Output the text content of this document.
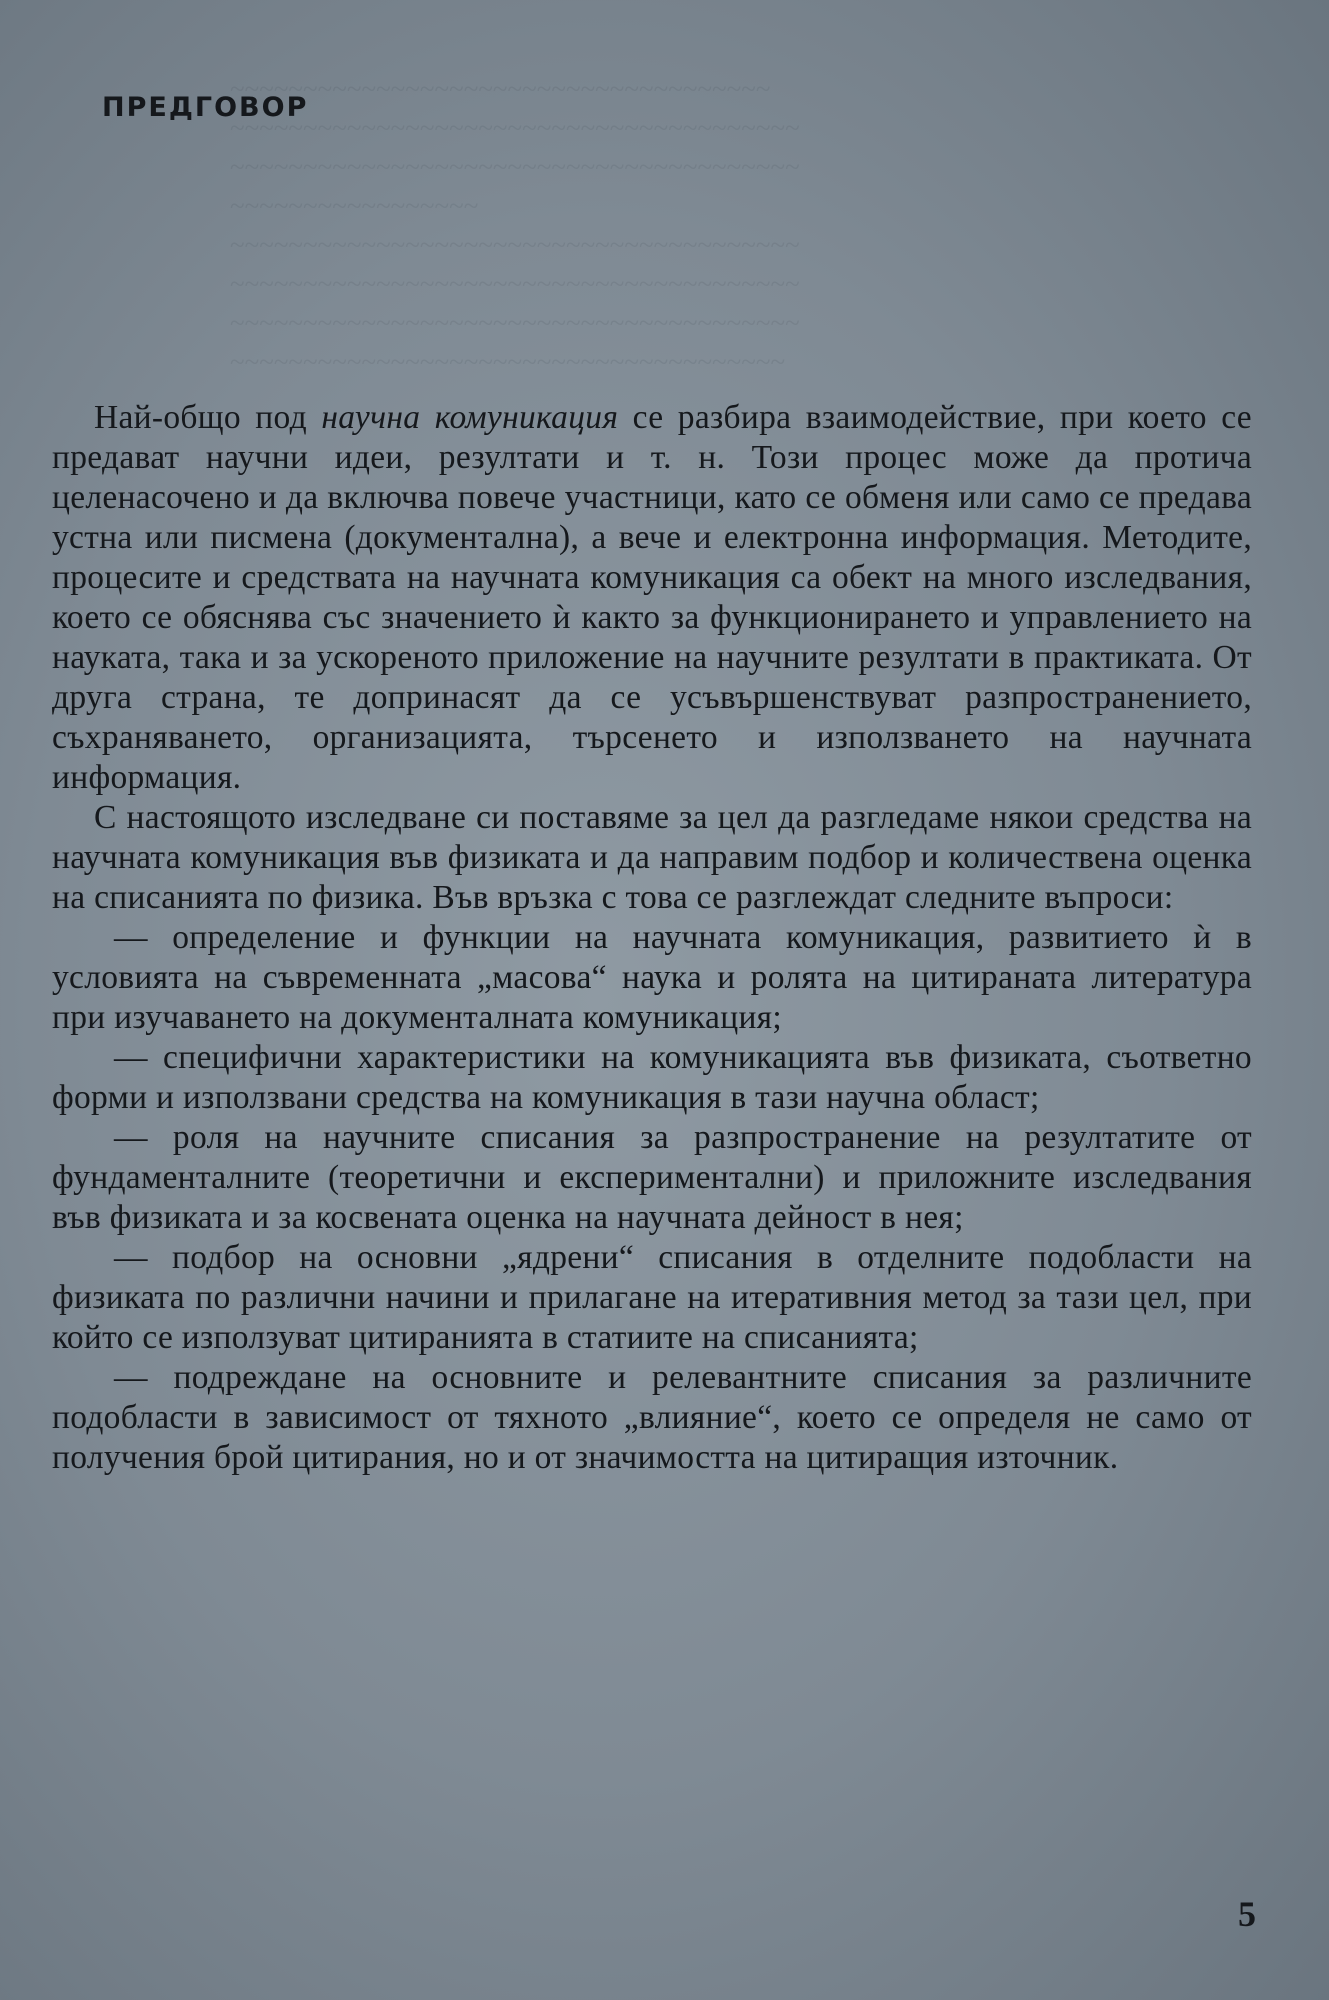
~~~~~~~~~~~~~~~~~~~~~~~~~~~~~~~~~~~~~
~~~~~~~~~~~~~~~~~~~~~~~~~~~~~~~~~~~~~~~
~~~~~~~~~~~~~~~~~~~~~~~~~~~~~~~~~~~~~~~
~~~~~~~~~~~~~~~~~
~~~~~~~~~~~~~~~~~~~~~~~~~~~~~~~~~~~~~~~
~~~~~~~~~~~~~~~~~~~~~~~~~~~~~~~~~~~~~~~
~~~~~~~~~~~~~~~~~~~~~~~~~~~~~~~~~~~~~~~
~~~~~~~~~~~~~~~~~~~~~~~~~~~~~~~~~~~~~~
ПРЕДГОВОР

Най-общо под научна комуникация се разбира взаимодействие, при което се предават научни идеи, резултати и т. н. Този процес може да протича целенасочено и да включва повече участници, като се обменя или само се предава устна или писмена (документална), а вече и електронна информация. Методите, процесите и средствата на научната комуникация са обект на много изследвания, което се обяснява със значението ѝ както за функционирането и управлението на науката, така и за ускореното приложение на научните резултати в практиката. От друга страна, те допринасят да се усъвършенствуват разпространението, съхраняването, организацията, търсенето и използването на научната информация.

С настоящото изследване си поставяме за цел да разгледаме някои средства на научната комуникация във физиката и да направим подбор и количествена оценка на списанията по физика. Във връзка с това се разглеждат следните въпроси:

— определение и функции на научната комуникация, развитието ѝ в условията на съвременната „масова“ наука и ролята на цитираната литература при изучаването на документалната комуникация;

— специфични характеристики на комуникацията във физиката, съответно форми и използвани средства на комуникация в тази научна област;

— роля на научните списания за разпространение на резултатите от фундаменталните (теоретични и експериментални) и приложните изследвания във физиката и за косвената оценка на научната дейност в нея;

— подбор на основни „ядрени“ списания в отделните подобласти на физиката по различни начини и прилагане на итеративния метод за тази цел, при който се използуват цитиранията в статиите на списанията;

— подреждане на основните и релевантните списания за различните подобласти в зависимост от тяхното „влияние“, което се определя не само от получения брой цитирания, но и от значимостта на цитиращия източник.

5
